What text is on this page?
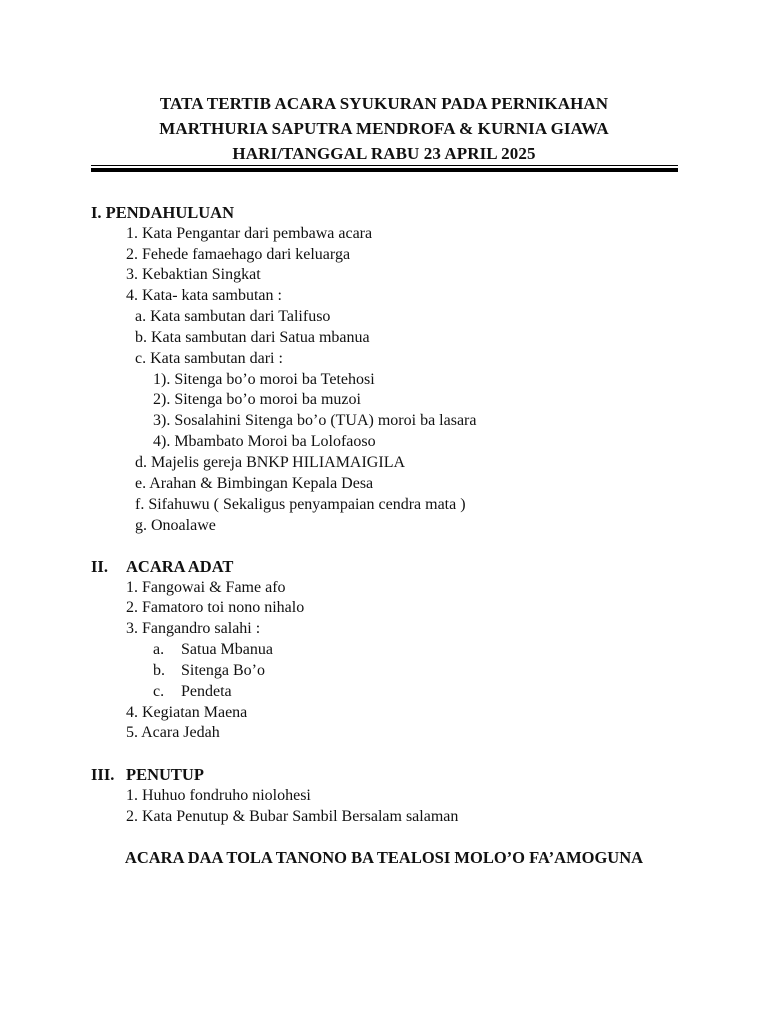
TATA TERTIB ACARA SYUKURAN PADA PERNIKAHAN
MARTHURIA SAPUTRA MENDROFA & KURNIA GIAWA
HARI/TANGGAL RABU 23 APRIL 2025
I. PENDAHULUAN
1. Kata Pengantar dari pembawa acara
2. Fehede famaehago dari keluarga
3. Kebaktian Singkat
4. Kata- kata sambutan :
a. Kata sambutan dari Talifuso
b. Kata sambutan dari Satua mbanua
c. Kata sambutan dari :
1). Sitenga bo’o moroi ba Tetehosi
2). Sitenga bo’o moroi ba muzoi
3). Sosalahini Sitenga bo’o (TUA) moroi ba lasara
4). Mbambato Moroi ba Lolofaoso
d. Majelis gereja BNKP HILIAMAIGILA
e. Arahan & Bimbingan Kepala Desa
f. Sifahuwu ( Sekaligus penyampaian cendra mata )
g. Onoalawe
II. ACARA ADAT
1. Fangowai & Fame afo
2. Famatoro toi nono nihalo
3. Fangandro salahi :
a. Satua Mbanua
b. Sitenga Bo’o
c. Pendeta
4. Kegiatan Maena
5. Acara Jedah
III. PENUTUP
1. Huhuo fondruho niolohesi
2. Kata Penutup & Bubar Sambil Bersalam salaman
ACARA DAA TOLA TANONO BA TEALOSI MOLO’O FA’AMOGUNA
